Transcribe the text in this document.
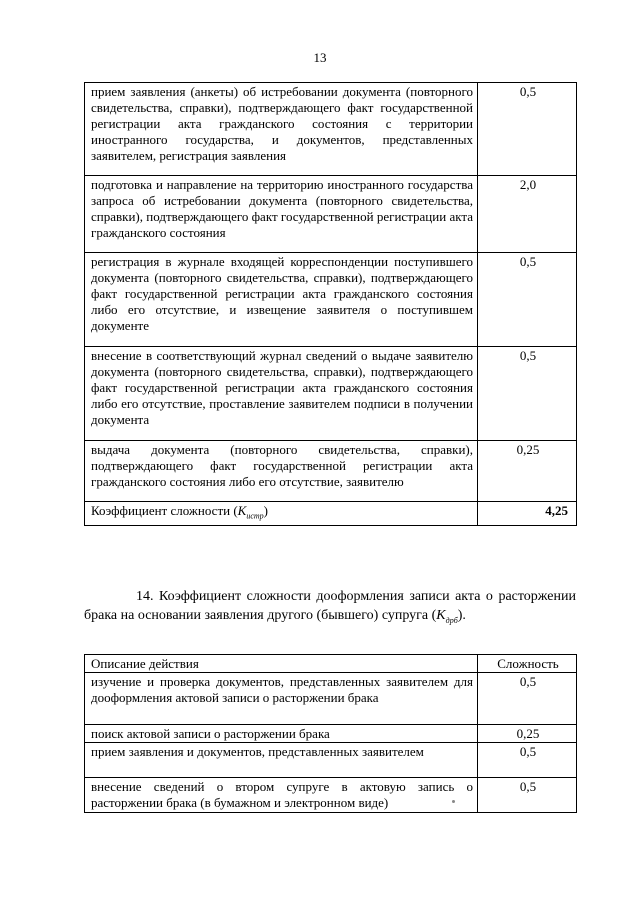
13
прием заявления (анкеты) об истребовании документа (повторного свидетельства, справки), подтверждающего факт государственной регистрации акта гражданского состояния с территории иностранного государства, и документов, представленных заявителем, регистрация заявления	0,5
подготовка и направление на территорию иностранного государства запроса об истребовании документа (повторного свидетельства, справки), подтверждающего факт государственной регистрации акта гражданского состояния	2,0
регистрация в журнале входящей корреспонденции поступившего документа (повторного свидетельства, справки), подтверждающего факт государственной регистрации акта гражданского состояния либо его отсутствие, и извещение заявителя о поступившем документе	0,5
внесение в соответствующий журнал сведений о выдаче заявителю документа (повторного свидетельства, справки), подтверждающего факт государственной регистрации акта гражданского состояния либо его отсутствие, проставление заявителем подписи в получении документа	0,5
выдача документа (повторного свидетельства, справки), подтверждающего факт государственной регистрации акта гражданского состояния либо его отсутствие, заявителю	0,25
Коэффициент сложности $(K_{истр})$	4,25

14. Коэффициент сложности дооформления записи акта о расторжении брака на основании заявления другого (бывшего) супруга $(K_{дрб})$.

Описание действия	Сложность
изучение и проверка документов, представленных заявителем для дооформления актовой записи о расторжении брака	0,5
поиск актовой записи о расторжении брака	0,25
прием заявления и документов, представленных заявителем	0,5
внесение сведений о втором супруге в актовую запись о расторжении брака (в бумажном и электронном виде)	0,5
